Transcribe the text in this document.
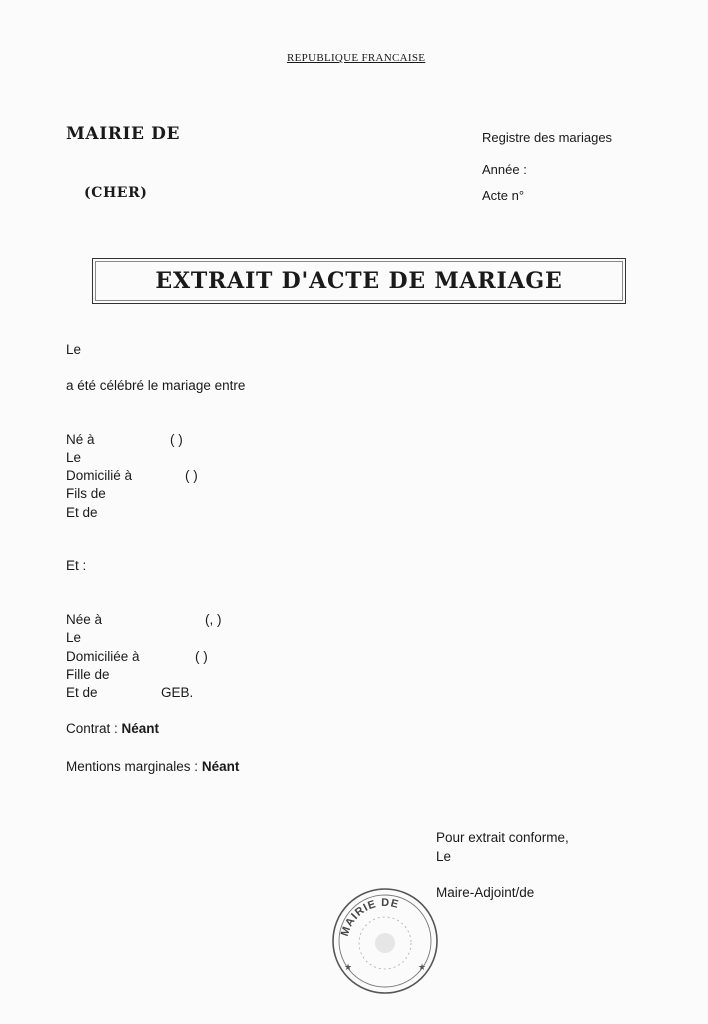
REPUBLIQUE FRANCAISE
MAIRIE DE
(CHER)
Registre des mariages
Année :
Acte n°
EXTRAIT D'ACTE DE MARIAGE
Le
a été célébré le mariage entre
Né à	( )
Le
Domicilié à	( )
Fils de
Et de
Et :
Née à	(, )
Le
Domiciliée à	( )
Fille de
Et de	GEB.
Contrat : Néant
Mentions marginales : Néant
Pour extrait conforme,
Le
Maire-Adjoint/de
MAIRIE DE
★	★
